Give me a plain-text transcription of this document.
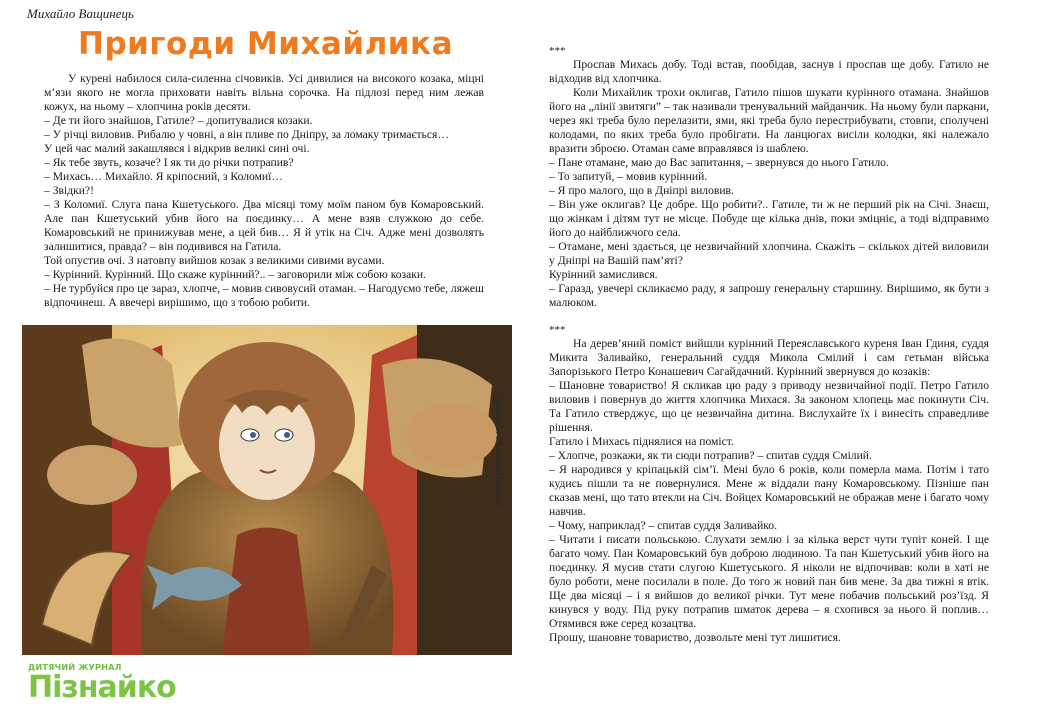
Михайло Ващинець
Пригоди Михайлика

У курені набилося сила-силенна січовиків. Усі дивилися на високого козака, міцні м’язи якого не могла приховати навіть вільна сорочка. На підлозі перед ним лежав кожух, на ньому – хлопчина років десяти.

– Де ти його знайшов, Гатиле? – допитувалися козаки.

– У річці виловив. Рибалю у човні, а він пливе по Дніпру, за ломаку тримається…

У цей час малий закашлявся і відкрив великі сині очі.

– Як тебе звуть, козаче? І як ти до річки потрапив?

– Михась… Михайло. Я кріпосний, з Коломиї…

– Звідки?!

– З Коломиї. Слуга пана Кшетуського. Два місяці тому моїм паном був Комаровський. Але пан Кшетуський убив його на поєдинку… А мене взяв служкою до себе. Комаровський не принижував мене, а цей бив… Я й утік на Січ. Адже мені дозволять залишитися, правда? – він подивився на Гатила.

Той опустив очі. З натовпу вийшов козак з великими сивими вусами.

– Курінний. Курінний. Що скаже курінний?.. – заговорили між собою козаки.

– Не турбуйся про це зараз, хлопче, – мовив сивовусий отаман. – Нагодуємо тебе, ляжеш відпочинеш. А ввечері вирішимо, що з тобою робити.

***

Проспав Михась добу. Тоді встав, пообідав, заснув і проспав ще добу. Гатило не відходив від хлопчика.

Коли Михайлик трохи оклигав, Гатило пішов шукати курінного отамана. Знайшов його на „лінії звитяги” – так називали тренувальний майданчик. На ньому були паркани, через які треба було перелазити, ями, які треба було перестрибувати, стовпи, сполучені колодами, по яких треба було пробігати. На ланцюгах висіли колодки, які належало вразити зброєю. Отаман саме вправлявся із шаблею.

– Пане отамане, маю до Вас запитання, – звернувся до нього Гатило.

– То запитуй, – мовив курінний.

– Я про малого, що в Дніпрі виловив.

– Він уже оклигав? Це добре. Що робити?.. Гатиле, ти ж не перший рік на Січі. Знаєш, що жінкам і дітям тут не місце. Побуде ще кілька днів, поки зміцніє, а тоді відправимо його до найближчого села.

– Отамане, мені здається, це незвичайний хлопчина. Скажіть – скількох дітей виловили у Дніпрі на Вашій пам’яті?

Курінний замислився.

– Гаразд, увечері скликаємо раду, я запрошу генеральну старшину. Вирішимо, як бути з малюком.

***

На дерев’яний поміст вийшли курінний Переяславського куреня Іван Гдиня, суддя Микита Заливайко, генеральний суддя Микола Смілий і сам гетьман війська Запорізького Петро Конашевич Сагайдачний. Курінний звернувся до козаків:

– Шановне товариство! Я скликав цю раду з приводу незвичайної події. Петро Гатило виловив і повернув до життя хлопчика Михася. За законом хлопець має покинути Січ. Та Гатило стверджує, що це незвичайна дитина. Вислухайте їх і винесіть справедливе рішення.

Гатило і Михась піднялися на поміст.

– Хлопче, розкажи, як ти сюди потрапив? – спитав суддя Смілий.

– Я народився у кріпацькій сім’ї. Мені було 6 років, коли померла мама. Потім і тато кудись пішли та не повернулися. Мене ж віддали пану Комаровському. Пізніше пан сказав мені, що тато втекли на Січ. Войцех Комаровський не ображав мене і багато чому навчив.

– Чому, наприклад? – спитав суддя Заливайко.

– Читати і писати польською. Слухати землю і за кілька верст чути тупіт коней. І ще багато чому. Пан Комаровський був доброю людиною. Та пан Кшетуський убив його на поєдинку. Я мусив стати слугою Кшетуського. Я ніколи не відпочивав: коли в хаті не було роботи, мене посилали в поле. До того ж новий пан бив мене. За два тижні я втік. Ще два місяці – і я вийшов до великої річки. Тут мене побачив польський роз’їзд. Я кинувся у воду. Під руку потрапив шматок дерева – я схопився за нього й поплив… Отямився вже серед козацтва.

Прошу, шановне товариство, дозвольте мені тут лишитися.

Художник Максим Паленко
ДИТЯЧИЙ ЖУРНАЛ
Пізнайко
